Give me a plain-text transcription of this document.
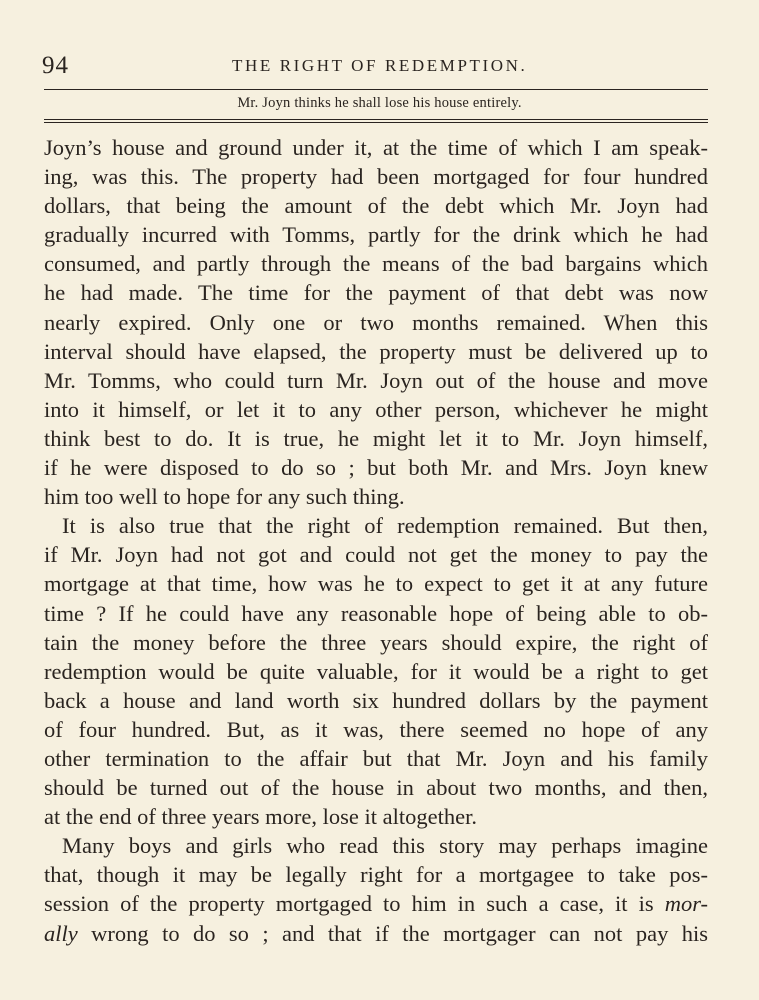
94	THE RIGHT OF REDEMPTION.
Mr. Joyn thinks he shall lose his house entirely.
Joyn’s house and ground under it, at the time of which I am speak-
ing, was this. The property had been mortgaged for four hundred
dollars, that being the amount of the debt which Mr. Joyn had
gradually incurred with Tomms, partly for the drink which he had
consumed, and partly through the means of the bad bargains which
he had made. The time for the payment of that debt was now
nearly expired. Only one or two months remained. When this
interval should have elapsed, the property must be delivered up to
Mr. Tomms, who could turn Mr. Joyn out of the house and move
into it himself, or let it to any other person, whichever he might
think best to do. It is true, he might let it to Mr. Joyn himself,
if he were disposed to do so ; but both Mr. and Mrs. Joyn knew
him too well to hope for any such thing.
It is also true that the right of redemption remained. But then,
if Mr. Joyn had not got and could not get the money to pay the
mortgage at that time, how was he to expect to get it at any future
time ? If he could have any reasonable hope of being able to ob-
tain the money before the three years should expire, the right of
redemption would be quite valuable, for it would be a right to get
back a house and land worth six hundred dollars by the payment
of four hundred. But, as it was, there seemed no hope of any
other termination to the affair but that Mr. Joyn and his family
should be turned out of the house in about two months, and then,
at the end of three years more, lose it altogether.
Many boys and girls who read this story may perhaps imagine
that, though it may be legally right for a mortgagee to take pos-
session of the property mortgaged to him in such a case, it is mor-
ally wrong to do so ; and that if the mortgager can not pay his
